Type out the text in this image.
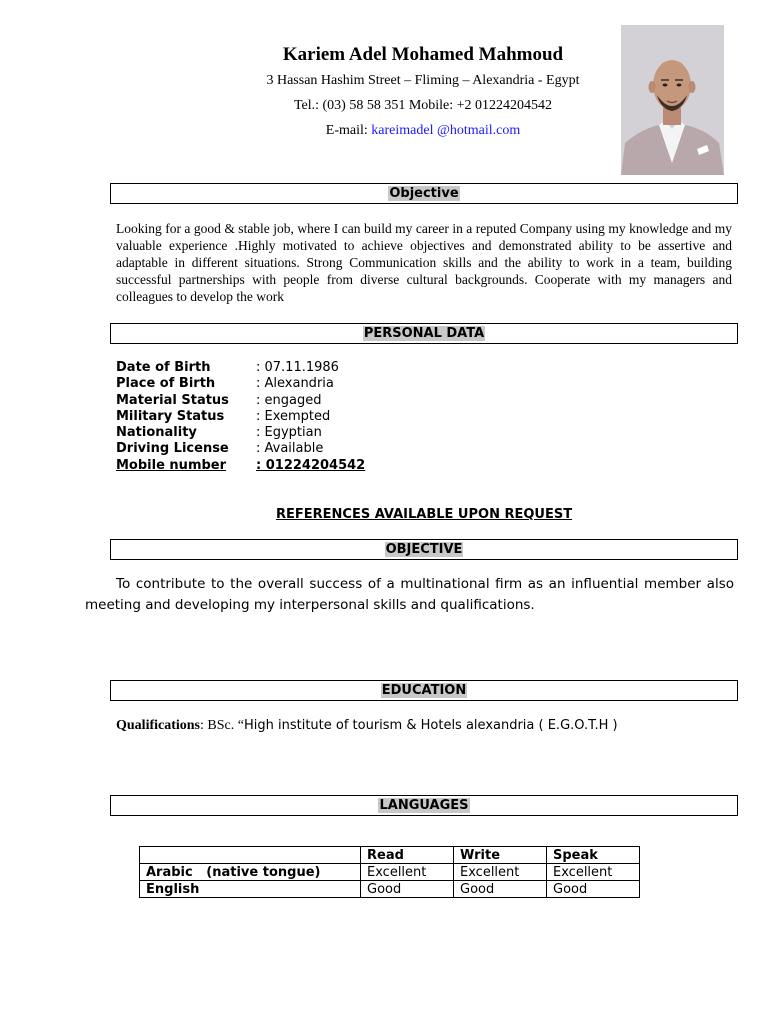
Kariem Adel Mohamed Mahmoud
3 Hassan Hashim Street – Fliming – Alexandria - Egypt
Tel.: (03) 58 58 351 Mobile: +2 01224204542
E-mail: kareimadel @hotmail.com
Objective
Looking for a good & stable job, where I can build my career in a reputed Company using my knowledge and my valuable experience .Highly motivated to achieve objectives and demonstrated ability to be assertive and adaptable in different situations. Strong Communication skills and the ability to work in a team, building successful partnerships with people from diverse cultural backgrounds. Cooperate with my managers and colleagues to develop the work
PERSONAL DATA
Date of Birth	: 07.11.1986
Place of Birth	: Alexandria
Material Status	: engaged
Military Status	: Exempted
Nationality	: Egyptian
Driving License	: Available
Mobile number	: 01224204542
REFERENCES AVAILABLE UPON REQUEST
OBJECTIVE
To contribute to the overall success of a multinational firm as an influential member also meeting and developing my interpersonal skills and qualifications.
EDUCATION
Qualifications: BSc. “High institute of tourism & Hotels alexandria ( E.G.O.T.H )
LANGUAGES
	Read	Write	Speak
Arabic   (native tongue)	Excellent	Excellent	Excellent
English	Good	Good	Good
